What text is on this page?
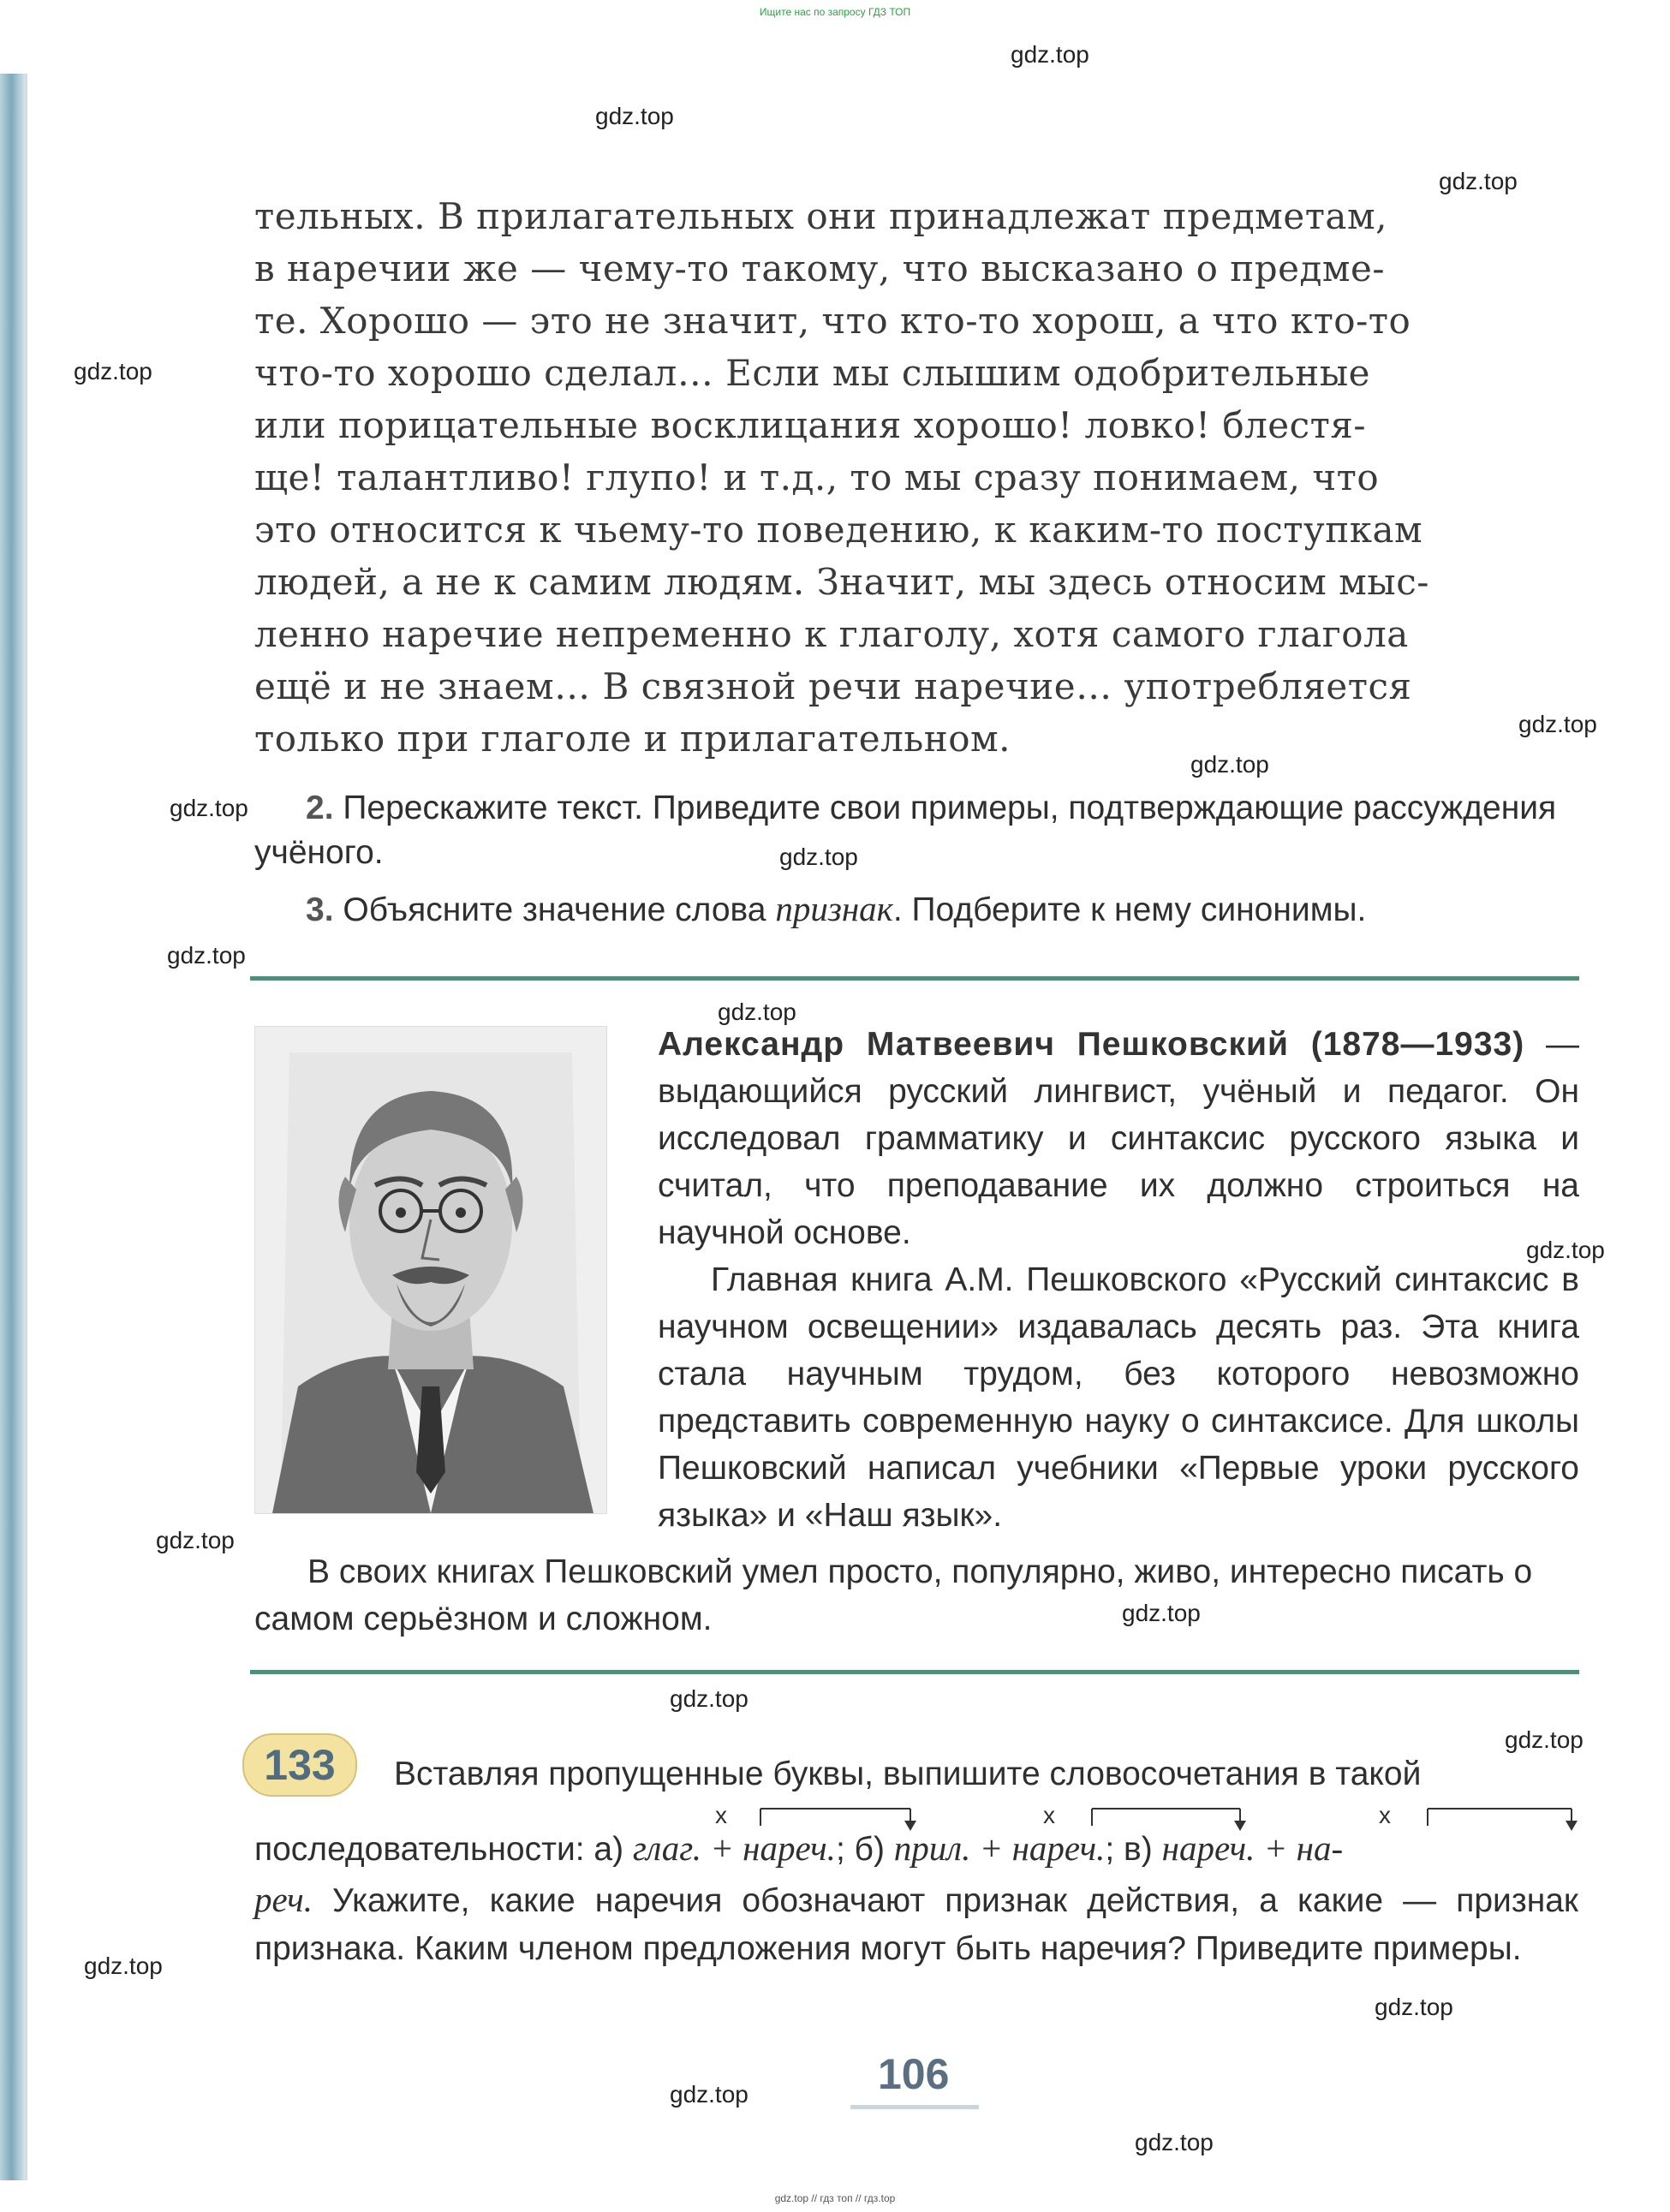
Ищите нас по запросу ГДЗ ТОП
gdz.top
gdz.top
gdz.top
gdz.top
gdz.top
gdz.top
gdz.top
gdz.top
gdz.top
gdz.top
gdz.top
gdz.top
gdz.top
gdz.top
gdz.top
gdz.top
gdz.top
gdz.top
gdz.top
тельных. В прилагательных они принадлежат предметам,
в наречии же — чему-то такому, что высказано о предме-
те. Хорошо — это не значит, что кто-то хорош, а что кто-то
что-то хорошо сделал… Если мы слышим одобрительные
или порицательные восклицания хорошо! ловко! блестя-
ще! талантливо! глупо! и т.д., то мы сразу понимаем, что
это относится к чьему-то поведению, к каким-то поступкам
людей, а не к самим людям. Значит, мы здесь относим мыс-
ленно наречие непременно к глаголу, хотя самого глагола
ещё и не знаем… В связной речи наречие… употребляется
только при глаголе и прилагательном.
2. Перескажите текст. Приведите свои примеры, подтверждающие рассуждения учёного.
3. Объясните значение слова признак. Подберите к нему синонимы.

Александр Матвеевич Пешковский (1878—1933) — выдающийся русский лингвист, учёный и педагог. Он исследовал грамматику и синтаксис русского языка и считал, что преподавание их должно строиться на научной основе.

Главная книга А.М. Пешковского «Русский синтаксис в научном освещении» издавалась десять раз. Эта книга стала научным трудом, без которого невозможно представить современную науку о синтаксисе. Для школы Пешковский написал учебники «Первые уроки русского языка» и «Наш язык».

В своих книгах Пешковский умел просто, популярно, живо, интересно писать о самом серьёзном и сложном.
133	Вставляя пропущенные буквы, выпишите словосочетания в такой
x	x	x
последовательности: а) глаг. + нареч.; б) прил. + нареч.; в) нареч. + на-
реч. Укажите, какие наречия обозначают признак действия, а какие — признак признака. Каким членом предложения могут быть наречия? Приведите примеры.
106
gdz.top // гдз топ // гдз.top
